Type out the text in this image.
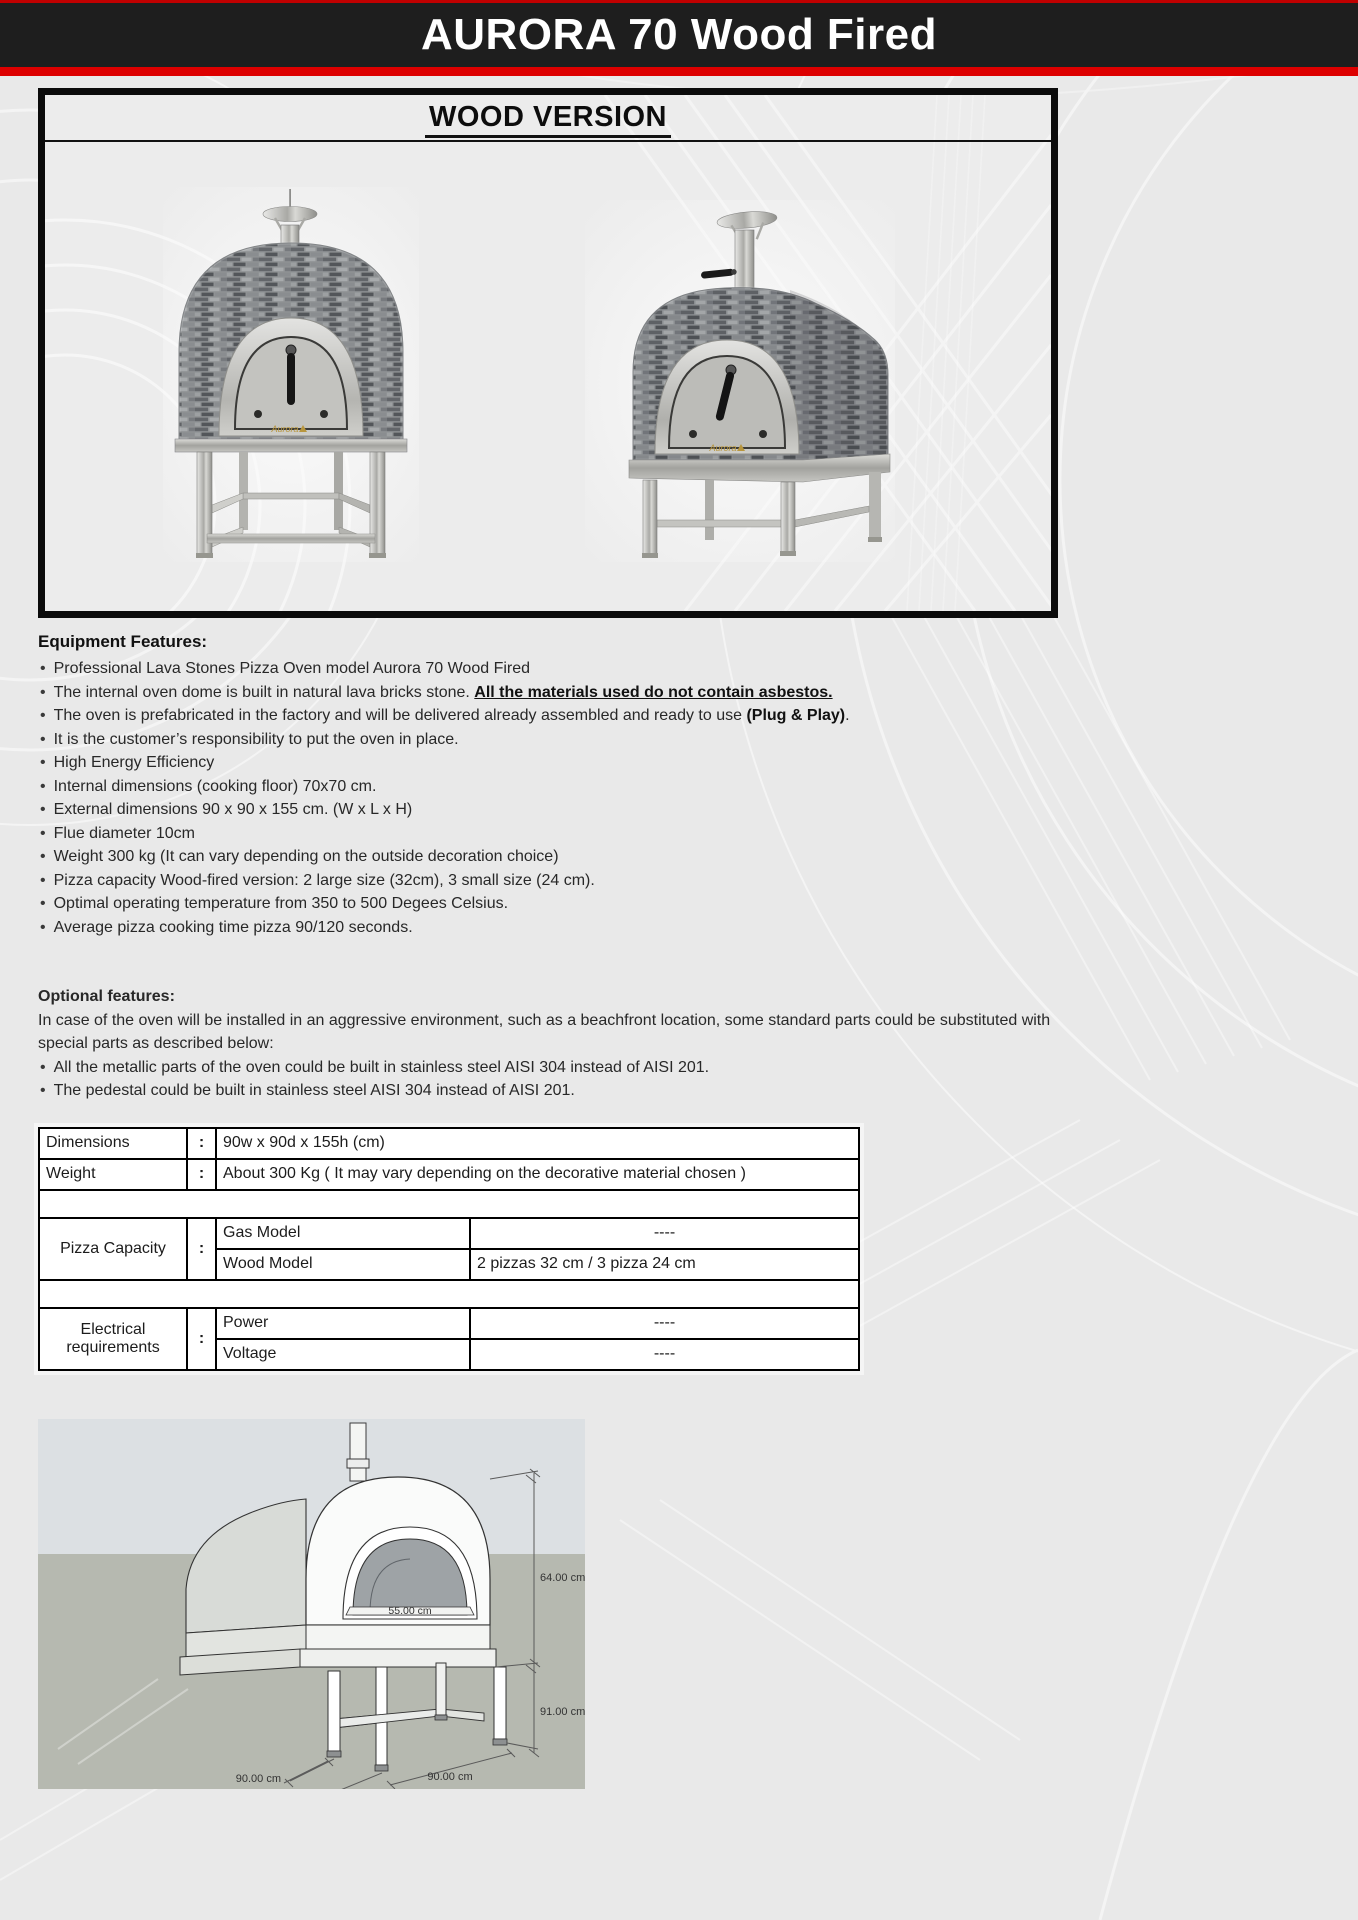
AURORA 70 Wood Fired
WOOD VERSION
Aurora
Aurora

Equipment Features:

• Professional Lava Stones Pizza Oven model Aurora 70 Wood Fired
• The internal oven dome is built in natural lava bricks stone. All the materials used do not contain asbestos.
• The oven is prefabricated in the factory and will be delivered already assembled and ready to use (Plug & Play).
• It is the customer’s responsibility to put the oven in place.
• High Energy Efficiency
• Internal dimensions (cooking floor) 70x70 cm.
• External dimensions 90 x 90 x 155 cm. (W x L x H)
• Flue diameter 10cm
• Weight 300 kg (It can vary depending on the outside decoration choice)
• Pizza capacity Wood-fired version: 2 large size (32cm), 3 small size (24 cm).
• Optimal operating temperature from 350 to 500 Degees Celsius.
• Average pizza cooking time pizza 90/120 seconds.

Optional features:

In case of the oven will be installed in an aggressive environment, such as a beachfront location, some standard parts could be substituted with special parts as described below:

• All the metallic parts of the oven could be built in stainless steel AISI 304 instead of AISI 201.
• The pedestal could be built in stainless steel AISI 304 instead of AISI 201.
Dimensions	:	90w x 90d x 155h (cm)	
Weight	:	About 300 Kg ( It may vary depending on the decorative material chosen )	

Pizza Capacity	:	Gas Model	----
		Wood Model	2 pizzas 32 cm / 3 pizza 24 cm

Electrical requirements	:	Power	----
		Voltage	----
55.00 cm
64.00 cm
91.00 cm
90.00 cm	90.00 cm
